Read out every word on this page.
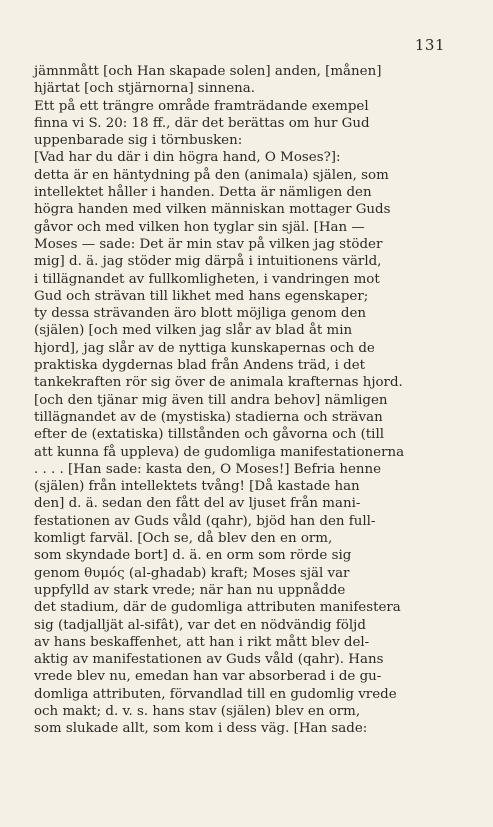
131
jämnmått [och Han skapade solen] anden, [månen]
hjärtat [och stjärnorna] sinnena.
Ett på ett trängre område framträdande exempel
finna vi S. 20: 18 ff., där det berättas om hur Gud
uppenbarade sig i törnbusken:
[Vad har du där i din högra hand, O Moses?]:
detta är en häntydning på den (animala) själen, som
intellektet håller i handen. Detta är nämligen den
högra handen med vilken människan mottager Guds
gåvor och med vilken hon tyglar sin själ. [Han —
Moses — sade: Det är min stav på vilken jag stöder
mig] d. ä. jag stöder mig därpå i intuitionens värld,
i tillägnandet av fullkomligheten, i vandringen mot
Gud och strävan till likhet med hans egenskaper;
ty dessa strävanden äro blott möjliga genom den
(själen) [och med vilken jag slår av blad åt min
hjord], jag slår av de nyttiga kunskapernas och de
praktiska dygdernas blad från Andens träd, i det
tankekraften rör sig över de animala krafternas hjord.
[och den tjänar mig även till andra behov] nämligen
tillägnandet av de (mystiska) stadierna och strävan
efter de (extatiska) tillstånden och gåvorna och (till
att kunna få uppleva) de gudomliga manifestationerna
. . . . [Han sade: kasta den, O Moses!] Befria henne
(själen) från intellektets tvång! [Då kastade han
den] d. ä. sedan den fått del av ljuset från mani-
festationen av Guds våld (qahr), bjöd han den full-
komligt farväl. [Och se, då blev den en orm,
som skyndade bort] d. ä. en orm som rörde sig
genom θυμός (al-ghadab) kraft; Moses själ var
uppfylld av stark vrede; när han nu uppnådde
det stadium, där de gudomliga attributen manifestera
sig (tadjalljät al-sifât), var det en nödvändig följd
av hans beskaffenhet, att han i rikt mått blev del-
aktig av manifestationen av Guds våld (qahr). Hans
vrede blev nu, emedan han var absorberad i de gu-
domliga attributen, förvandlad till en gudomlig vrede
och makt; d. v. s. hans stav (själen) blev en orm,
som slukade allt, som kom i dess väg. [Han sade:
